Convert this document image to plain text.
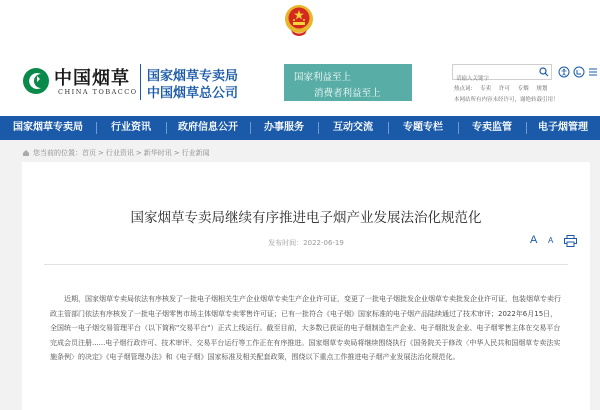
中国烟草
CHINA TOBACCO
国家烟草专卖局
中国烟草总公司
国家利益至上
消费者利益至上
请输入关键字	热点词: 专卖 许可 专烟 规划
本网站所有内容未经许可，谢绝转载引用！
国家烟草专卖局	行业资讯	政府信息公开	办事服务	互动交流	专题专栏	专卖监管	电子烟管理
您当前的位置： 首页 > 行业资讯 > 新华时讯 > 行业新闻
国家烟草专卖局继续有序推进电子烟产业发展法治化规范化
发布时间：2022-06-19	A A

近期，国家烟草专卖局依法有序核发了一批电子烟相关生产企业烟草专卖生产企业许可证，变更了一批电子烟批发企业烟草专卖批发企业许可证，包装烟草专卖行政主管部门依法有序核发了一批电子烟零售市场主体烟草专卖零售许可证；已有一批符合《电子烟》国家标准的电子烟产品陆续通过了技术审评；2022年6月15日，全国统一电子烟交易管理平台（以下简称"交易平台"）正式上线运行。截至目前，大多数已获证的电子烟制造生产企业、电子烟批发企业、电子烟零售主体在交易平台完成会员注册......电子烟行政许可、技术审评、交易平台运行等工作正在有序推进。国家烟草专卖局将继续围绕执行《国务院关于修改〈中华人民共和国烟草专卖法实施条例〉的决定》《电子烟管理办法》和《电子烟》国家标准及相关配套政策，围绕以下重点工作推进电子烟产业发展法治化规范化。
